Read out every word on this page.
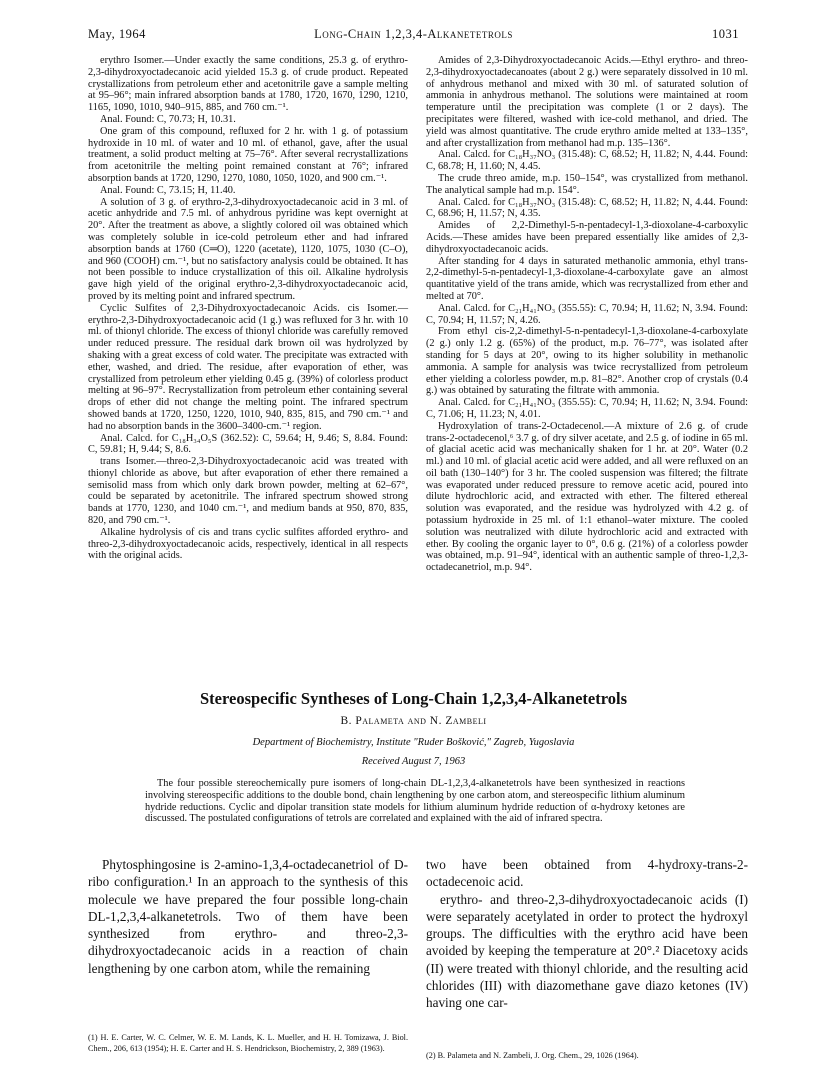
May, 1964	Long-Chain 1,2,3,4-Alkanetetrols	1031

erythro Isomer.—Under exactly the same conditions, 25.3 g. of erythro-2,3-dihydroxyoctadecanoic acid yielded 15.3 g. of crude product. Repeated crystallizations from petroleum ether and acetonitrile gave a sample melting at 95–96°; main infrared absorption bands at 1780, 1720, 1670, 1290, 1210, 1165, 1090, 1010, 940–915, 885, and 760 cm.⁻¹.

Anal. Found: C, 70.73; H, 10.31.

One gram of this compound, refluxed for 2 hr. with 1 g. of potassium hydroxide in 10 ml. of water and 10 ml. of ethanol, gave, after the usual treatment, a solid product melting at 75–76°. After several recrystallizations from acetonitrile the melting point remained constant at 76°; infrared absorption bands at 1720, 1290, 1270, 1080, 1050, 1020, and 900 cm.⁻¹.

Anal. Found: C, 73.15; H, 11.40.

A solution of 3 g. of erythro-2,3-dihydroxyoctadecanoic acid in 3 ml. of acetic anhydride and 7.5 ml. of anhydrous pyridine was kept overnight at 20°. After the treatment as above, a slightly colored oil was obtained which was completely soluble in ice-cold petroleum ether and had infrared absorption bands at 1760 (C═O), 1220 (acetate), 1120, 1075, 1030 (C–O), and 960 (COOH) cm.⁻¹, but no satisfactory analysis could be obtained. It has not been possible to induce crystallization of this oil. Alkaline hydrolysis gave high yield of the original erythro-2,3-dihydroxyoctadecanoic acid, proved by its melting point and infrared spectrum.

Cyclic Sulfites of 2,3-Dihydroxyoctadecanoic Acids. cis Isomer.—erythro-2,3-Dihydroxyoctadecanoic acid (1 g.) was refluxed for 3 hr. with 10 ml. of thionyl chloride. The excess of thionyl chloride was carefully removed under reduced pressure. The residual dark brown oil was hydrolyzed by shaking with a great excess of cold water. The precipitate was extracted with ether, washed, and dried. The residue, after evaporation of ether, was crystallized from petroleum ether yielding 0.45 g. (39%) of colorless product melting at 96–97°. Recrystallization from petroleum ether containing several drops of ether did not change the melting point. The infrared spectrum showed bands at 1720, 1250, 1220, 1010, 940, 835, 815, and 790 cm.⁻¹ and had no absorption bands in the 3600–3400-cm.⁻¹ region.

Anal. Calcd. for C₁₈H₃₄O₅S (362.52): C, 59.64; H, 9.46; S, 8.84. Found: C, 59.81; H, 9.44; S, 8.6.

trans Isomer.—threo-2,3-Dihydroxyoctadecanoic acid was treated with thionyl chloride as above, but after evaporation of ether there remained a semisolid mass from which only dark brown powder, melting at 62–67°, could be separated by acetonitrile. The infrared spectrum showed strong bands at 1770, 1230, and 1040 cm.⁻¹, and medium bands at 950, 870, 835, 820, and 790 cm.⁻¹.

Alkaline hydrolysis of cis and trans cyclic sulfites afforded erythro- and threo-2,3-dihydroxyoctadecanoic acids, respectively, identical in all respects with the original acids.

Amides of 2,3-Dihydroxyoctadecanoic Acids.—Ethyl erythro- and threo-2,3-dihydroxyoctadecanoates (about 2 g.) were separately dissolved in 10 ml. of anhydrous methanol and mixed with 30 ml. of saturated solution of ammonia in anhydrous methanol. The solutions were maintained at room temperature until the precipitation was complete (1 or 2 days). The precipitates were filtered, washed with ice-cold methanol, and dried. The yield was almost quantitative. The crude erythro amide melted at 133–135°, and after crystallization from methanol had m.p. 135–136°.

Anal. Calcd. for C₁₈H₃₇NO₃ (315.48): C, 68.52; H, 11.82; N, 4.44. Found: C, 68.78; H, 11.60; N, 4.45.

The crude threo amide, m.p. 150–154°, was crystallized from methanol. The analytical sample had m.p. 154°.

Anal. Calcd. for C₁₈H₃₇NO₃ (315.48): C, 68.52; H, 11.82; N, 4.44. Found: C, 68.96; H, 11.57; N, 4.35.

Amides of 2,2-Dimethyl-5-n-pentadecyl-1,3-dioxolane-4-carboxylic Acids.—These amides have been prepared essentially like amides of 2,3-dihydroxyoctadecanoic acids.

After standing for 4 days in saturated methanolic ammonia, ethyl trans-2,2-dimethyl-5-n-pentadecyl-1,3-dioxolane-4-carboxylate gave an almost quantitative yield of the trans amide, which was recrystallized from ether and melted at 70°.

Anal. Calcd. for C₂₁H₄₁NO₃ (355.55): C, 70.94; H, 11.62; N, 3.94. Found: C, 70.94; H, 11.57; N, 4.26.

From ethyl cis-2,2-dimethyl-5-n-pentadecyl-1,3-dioxolane-4-carboxylate (2 g.) only 1.2 g. (65%) of the product, m.p. 76–77°, was isolated after standing for 5 days at 20°, owing to its higher solubility in methanolic ammonia. A sample for analysis was twice recrystallized from petroleum ether yielding a colorless powder, m.p. 81–82°. Another crop of crystals (0.4 g.) was obtained by saturating the filtrate with ammonia.

Anal. Calcd. for C₂₁H₄₁NO₃ (355.55): C, 70.94; H, 11.62; N, 3.94. Found: C, 71.06; H, 11.23; N, 4.01.

Hydroxylation of trans-2-Octadecenol.—A mixture of 2.6 g. of crude trans-2-octadecenol,⁶ 3.7 g. of dry silver acetate, and 2.5 g. of iodine in 65 ml. of glacial acetic acid was mechanically shaken for 1 hr. at 20°. Water (0.2 ml.) and 10 ml. of glacial acetic acid were added, and all were refluxed on an oil bath (130–140°) for 3 hr. The cooled suspension was filtered; the filtrate was evaporated under reduced pressure to remove acetic acid, poured into dilute hydrochloric acid, and extracted with ether. The filtered ethereal solution was evaporated, and the residue was hydrolyzed with 4.2 g. of potassium hydroxide in 25 ml. of 1:1 ethanol–water mixture. The cooled solution was neutralized with dilute hydrochloric acid and extracted with ether. By cooling the organic layer to 0°, 0.6 g. (21%) of a colorless powder was obtained, m.p. 91–94°, identical with an authentic sample of threo-1,2,3-octadecanetriol, m.p. 94°.

Stereospecific Syntheses of Long-Chain 1,2,3,4-Alkanetetrols
B. Palameta and N. Zambeli
Department of Biochemistry, Institute "Ruder Bošković," Zagreb, Yugoslavia
Received August 7, 1963

The four possible stereochemically pure isomers of long-chain DL-1,2,3,4-alkanetetrols have been synthesized in reactions involving stereospecific additions to the double bond, chain lengthening by one carbon atom, and stereospecific lithium aluminum hydride reductions. Cyclic and dipolar transition state models for lithium aluminum hydride reduction of α-hydroxy ketones are discussed. The postulated configurations of tetrols are correlated and explained with the aid of infrared spectra.

Phytosphingosine is 2-amino-1,3,4-octadecanetriol of D-ribo configuration.¹ In an approach to the synthesis of this molecule we have prepared the four possible long-chain DL-1,2,3,4-alkanetetrols. Two of them have been synthesized from erythro- and threo-2,3-dihydroxyoctadecanoic acids in a reaction of chain lengthening by one carbon atom, while the remaining

two have been obtained from 4-hydroxy-trans-2-octadecenoic acid.

erythro- and threo-2,3-dihydroxyoctadecanoic acids (I) were separately acetylated in order to protect the hydroxyl groups. The difficulties with the erythro acid have been avoided by keeping the temperature at 20°.² Diacetoxy acids (II) were treated with thionyl chloride, and the resulting acid chlorides (III) with diazomethane gave diazo ketones (IV) having one car-

(1) H. E. Carter, W. C. Celmer, W. E. M. Lands, K. L. Mueller, and H. H. Tomizawa, J. Biol. Chem., 206, 613 (1954); H. E. Carter and H. S. Hendrickson, Biochemistry, 2, 389 (1963).

(2) B. Palameta and N. Zambeli, J. Org. Chem., 29, 1026 (1964).
